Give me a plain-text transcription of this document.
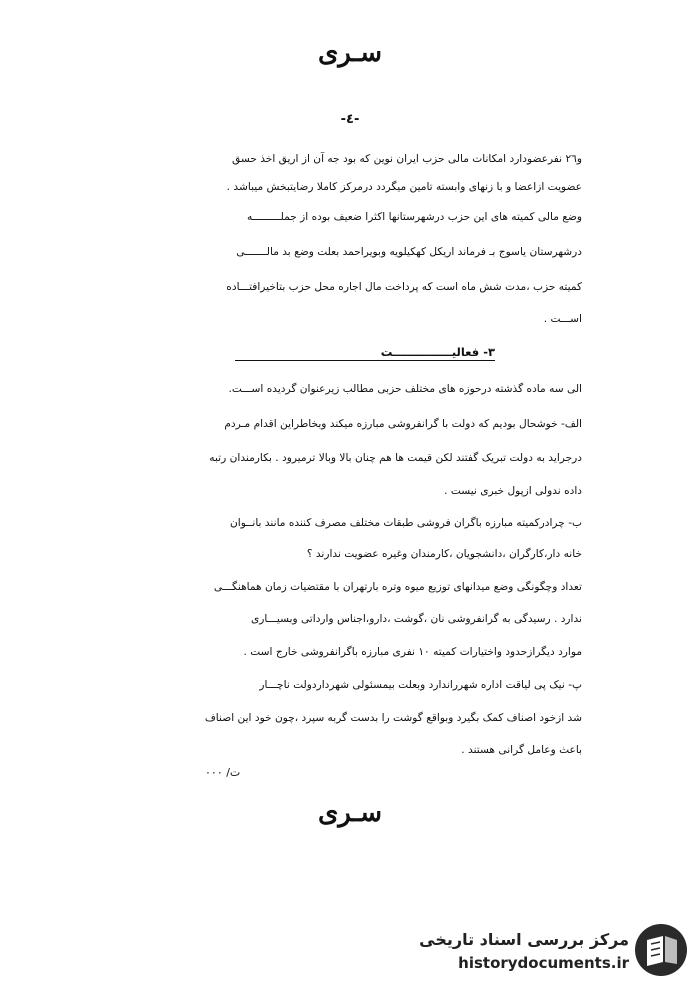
سـری
-٤-
و٢٦ نفرعضودارد امکانات مالی حزب ایران نوین که بود جه آن از اریق اخذ حسق
عضویت ازاعضا و با زنهای وابسته تامین میگردد درمرکز کاملا رضایتبخش میباشد .
وضع مالی کمیته های این حزب درشهرستانها اکثرا ضعیف بوده از جملـــــــــه
درشهرستان یاسوج بـ فرماند اریکل کهکیلویه وبویراحمد بعلت وضع بد مالـــــــی
کمیته حزب ،مدت شش ماه است که پرداخت مال اجاره محل حزب بتاخیرافتـــاده
اســـت .
٣- فعالیـــــــــــــــت
الی سه ماده گذشته درحوزه های مختلف حزبی مطالب زیرعنوان گردیده اســـت.
الف- خوشحال بودیم که دولت با گرانفروشی مبارزه میکند وبخاطراین اقدام مـردم
درجراید به دولت تبریک گفتند لکن قیمت ها هم چنان بالا وبالا ترمیرود . بکارمندان رتبه
داده ندولی ازپول خبری نیست .
ب- چرادرکمیته مبارزه باگران فروشی طبقات مختلف مصرف کننده مانند بانــوان
خانه دار،کارگران ،دانشجویان ،کارمندان وغیره عضویت ندارند ؟
تعداد وچگونگی وضع میدانهای توزیع میوه وتره بارتهران با مقتضیات زمان هماهنگـــی
ندارد . رسیدگی به گرانفروشی نان ،گوشت ،دارو،اجناس وارداتی وبسیـــاری
موارد دیگرازحدود واختیارات کمیته ١٠ نفری مبارزه باگرانفروشی خارج است .
پ- نیک پی لیاقت اداره شهرراندارد وبعلت بیمسئولی شهرداردولت ناچـــار
شد ازخود اصناف کمک بگیرد وبواقع گوشت را بدست گربه سپرد ،چون خود این اصناف
باعث وعامل گرانی هستند .
ت/ ٠٠٠
سـری
مرکز بررسی اسناد تاریخی
historydocuments.ir
